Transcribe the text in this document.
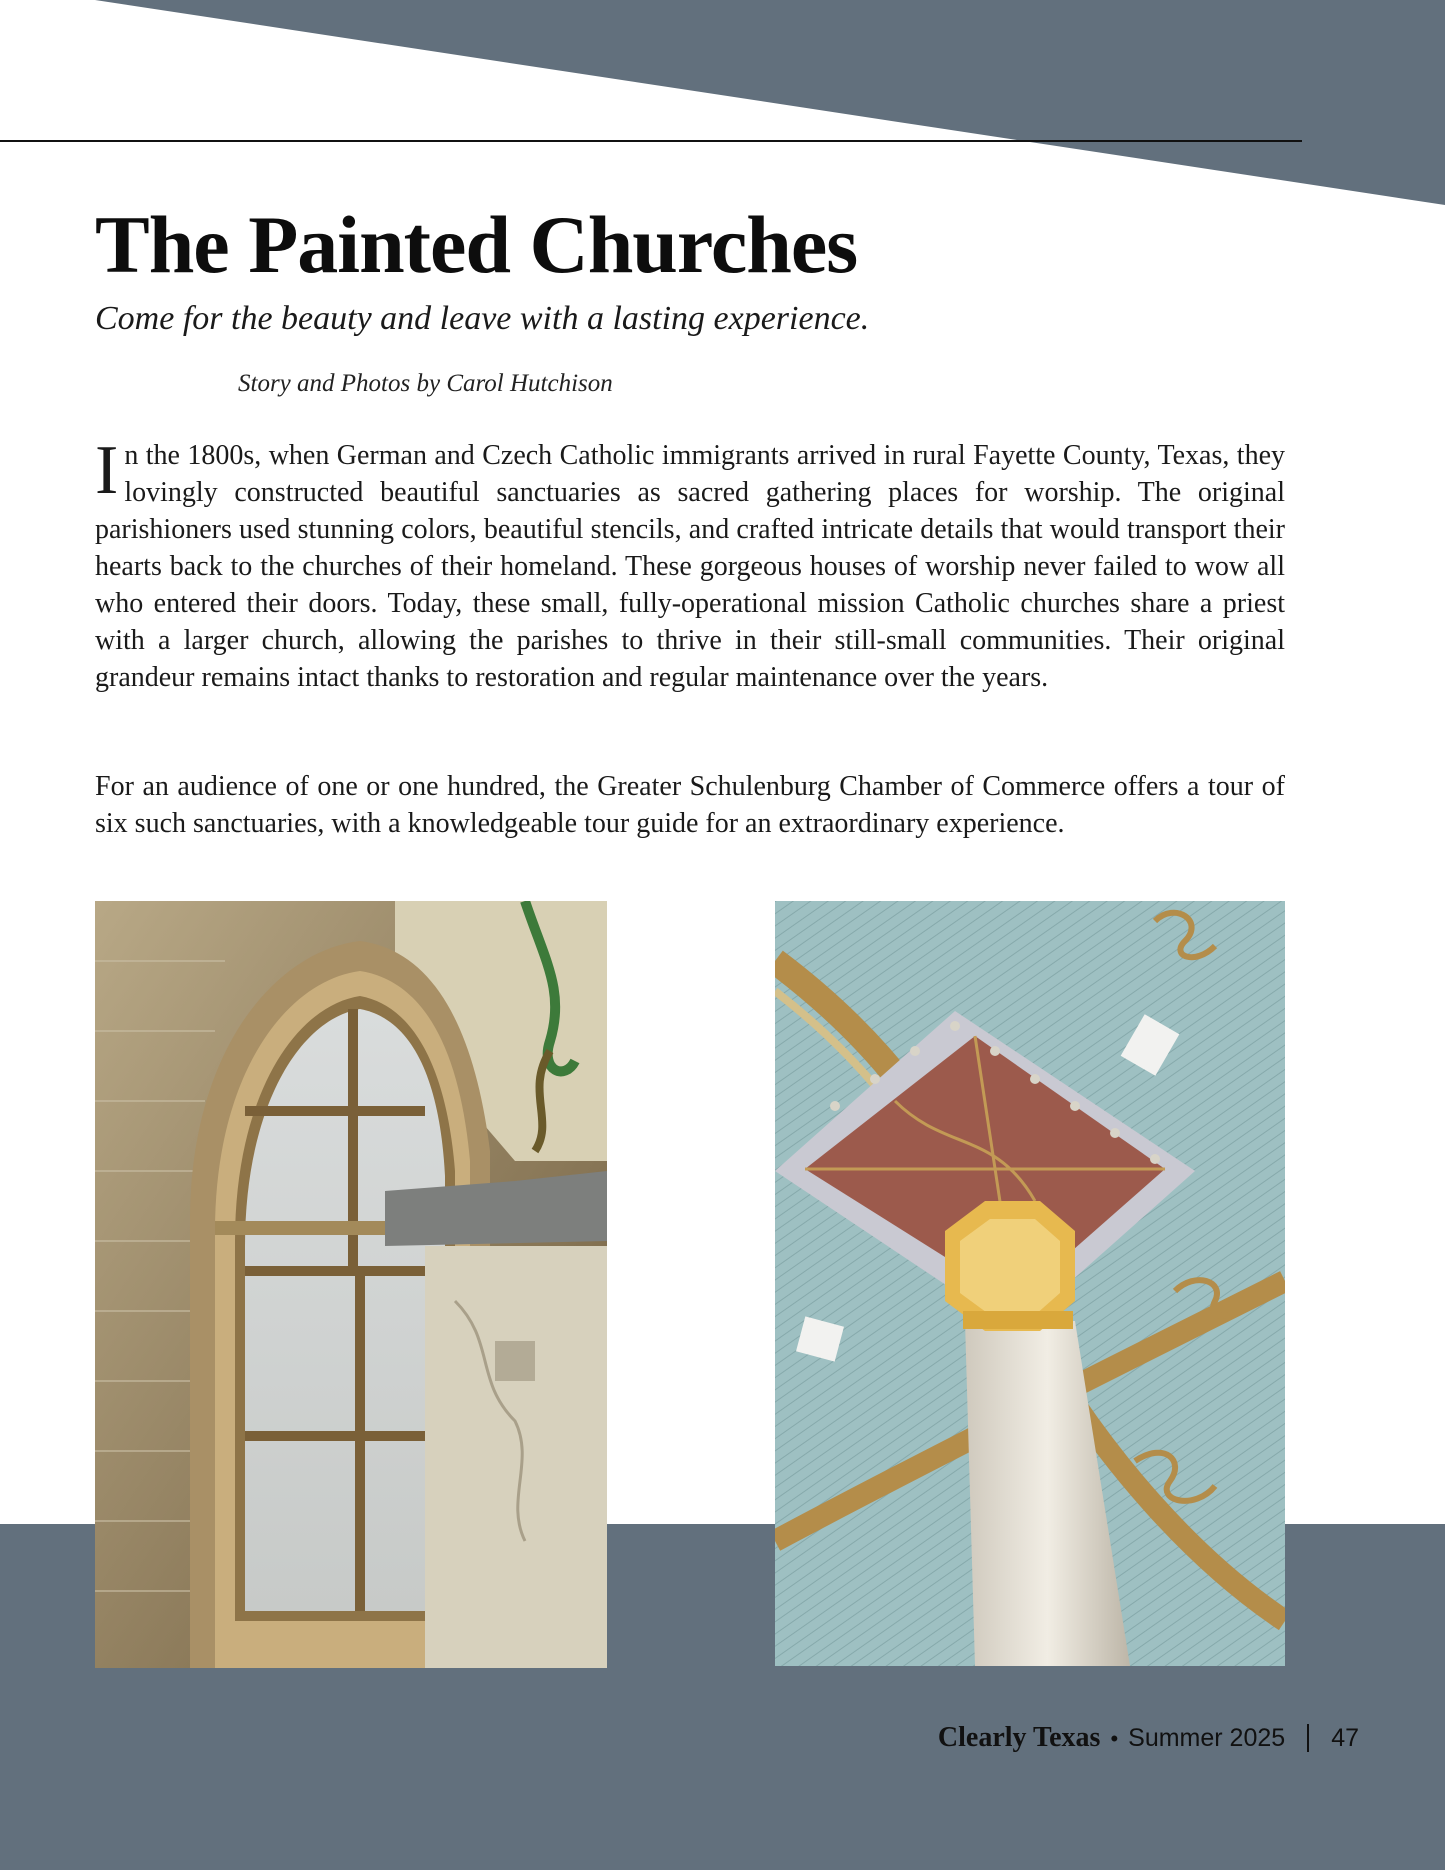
The Painted Churches

Come for the beauty and leave with a lasting experience.

Story and Photos by Carol Hutchison

In the 1800s, when German and Czech Catholic immigrants arrived in rural Fayette County, Texas, they lovingly constructed beautiful sanctuaries as sacred gathering places for worship. The original parishioners used stunning colors, beautiful stencils, and crafted intricate details that would transport their hearts back to the churches of their homeland. These gorgeous houses of worship never failed to wow all who entered their doors. Today, these small, fully-operational mission Catholic churches share a priest with a larger church, allowing the parishes to thrive in their still-small communities. Their original grandeur remains intact thanks to restoration and regular maintenance over the years.

For an audience of one or one hundred, the Greater Schulenburg Chamber of Commerce offers a tour of six such sanctuaries, with a knowledgeable tour guide for an extraordinary experience.

Clearly Texas • Summer 2025 47
